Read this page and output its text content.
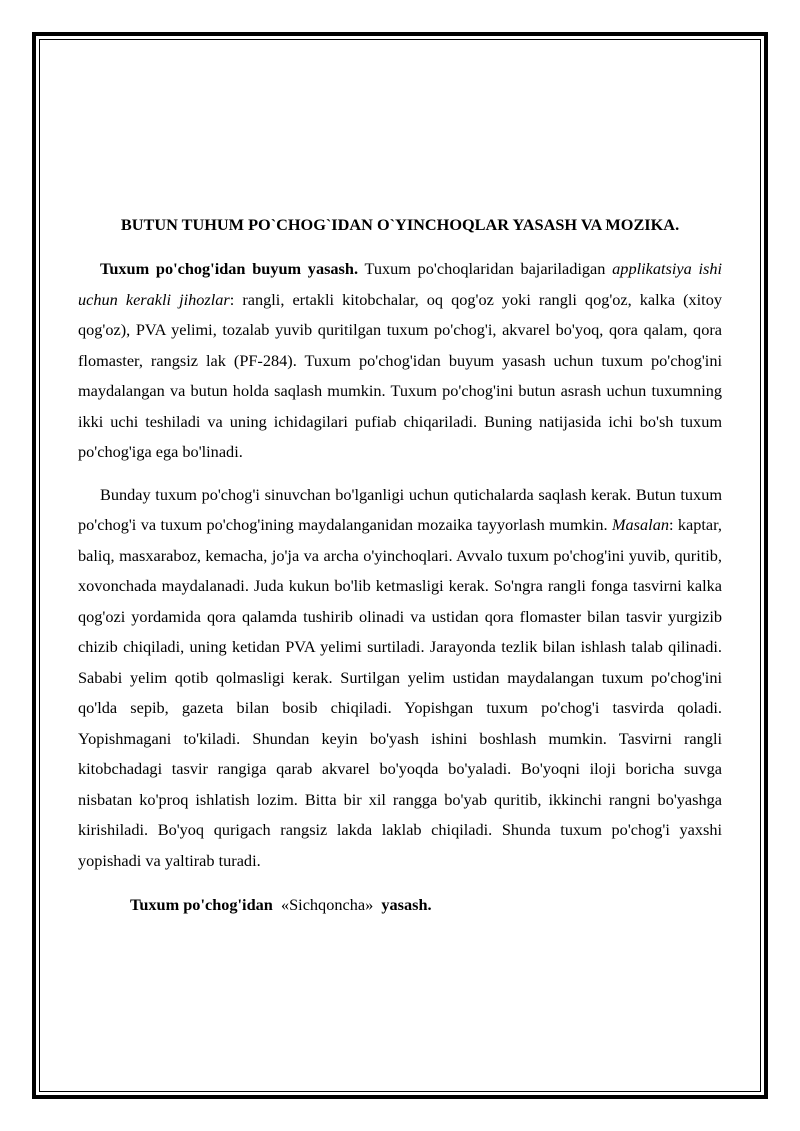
BUTUN TUHUM PO`CHOG`IDAN O`YINCHOQLAR YASASH VA MOZIKA.

Tuxum po'chog'idan buyum yasash. Tuxum po'choqlaridan bajariladigan applikatsiya ishi uchun kerakli jihozlar: rangli, ertakli kitobchalar, oq qog'oz yoki rangli qog'oz, kalka (xitoy qog'oz), PVA yelimi, tozalab yuvib quritilgan tuxum po'chog'i, akvarel bo'yoq, qora qalam, qora flomaster, rangsiz lak (PF-284). Tuxum po'chog'idan buyum yasash uchun tuxum po'chog'ini maydalangan va butun holda saqlash mumkin. Tuxum po'chog'ini butun asrash uchun tuxumning ikki uchi teshiladi va uning ichidagilari pufiab chiqariladi. Buning natijasida ichi bo'sh tuxum po'chog'iga ega bo'linadi.

Bunday tuxum po'chog'i sinuvchan bo'lganligi uchun qutichalarda saqlash kerak. Butun tuxum po'chog'i va tuxum po'chog'ining maydalanganidan mozaika tayyorlash mumkin. Masalan: kaptar, baliq, masxaraboz, kemacha, jo'ja va archa o'yinchoqlari. Avvalo tuxum po'chog'ini yuvib, quritib, xovonchada maydalanadi. Juda kukun bo'lib ketmasligi kerak. So'ngra rangli fonga tasvirni kalka qog'ozi yordamida qora qalamda tushirib olinadi va ustidan qora flomaster bilan tasvir yurgizib chizib chiqiladi, uning ketidan PVA yelimi surtiladi. Jarayonda tezlik bilan ishlash talab qilinadi. Sababi yelim qotib qolmasligi kerak. Surtilgan yelim ustidan maydalangan tuxum po'chog'ini qo'lda sepib, gazeta bilan bosib chiqiladi. Yopishgan tuxum po'chog'i tasvirda qoladi. Yopishmagani to'kiladi. Shundan keyin bo'yash ishini boshlash mumkin. Tasvirni rangli kitobchadagi tasvir rangiga qarab akvarel bo'yoqda bo'yaladi. Bo'yoqni iloji boricha suvga nisbatan ko'proq ishlatish lozim. Bitta bir xil rangga bo'yab quritib, ikkinchi rangni bo'yashga kirishiladi. Bo'yoq qurigach rangsiz lakda laklab chiqiladi. Shunda tuxum po'chog'i yaxshi yopishadi va yaltirab turadi.

Tuxum po'chog'idan «Sichqoncha» yasash.
